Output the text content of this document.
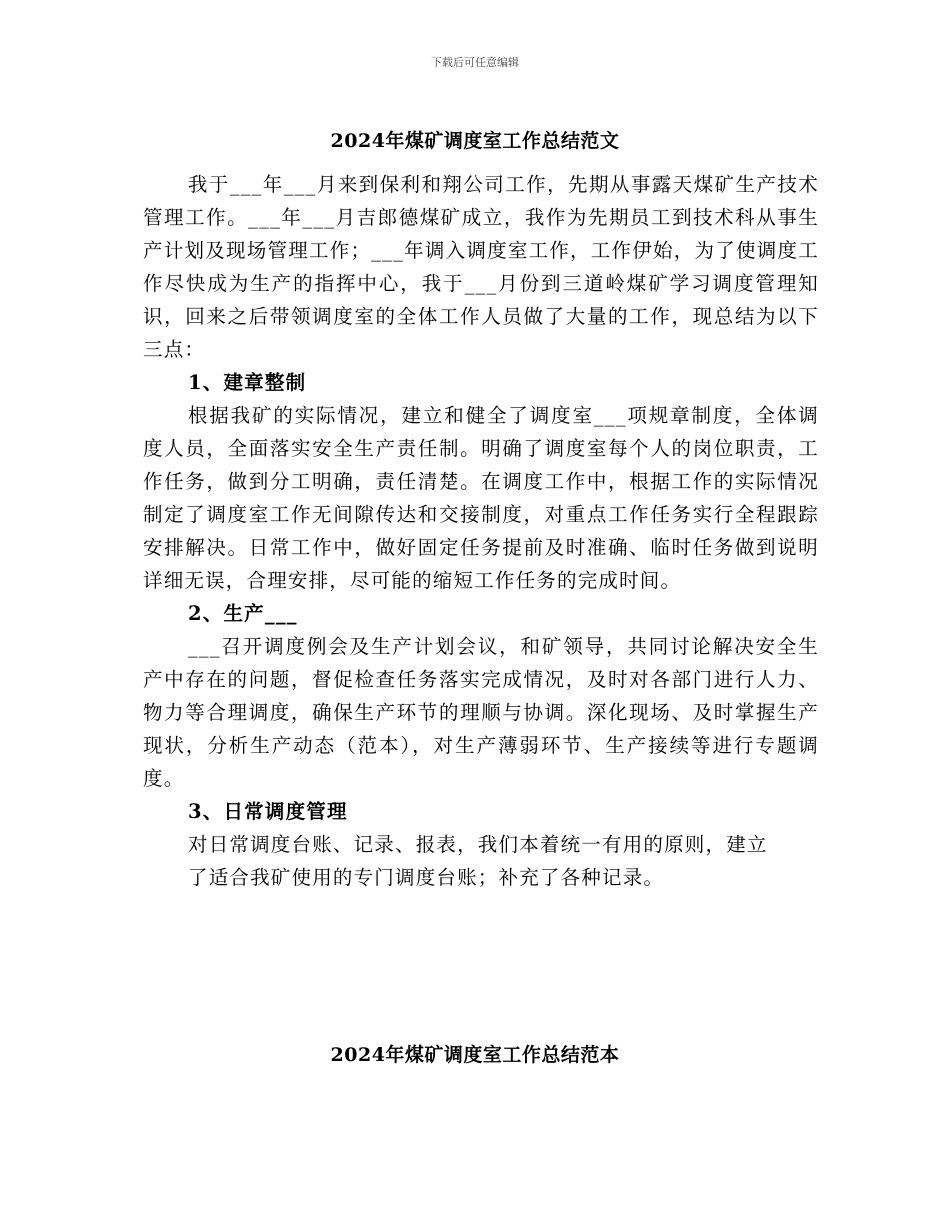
下载后可任意编辑
2024年煤矿调度室工作总结范文

我于___年___月来到保利和翔公司工作，先期从事露天煤矿生产技术管理工作。___年___月吉郎德煤矿成立，我作为先期员工到技术科从事生产计划及现场管理工作；___年调入调度室工作，工作伊始，为了使调度工作尽快成为生产的指挥中心，我于___月份到三道岭煤矿学习调度管理知识，回来之后带领调度室的全体工作人员做了大量的工作，现总结为以下三点：

1、建章整制

根据我矿的实际情况，建立和健全了调度室___项规章制度，全体调度人员，全面落实安全生产责任制。明确了调度室每个人的岗位职责，工作任务，做到分工明确，责任清楚。在调度工作中，根据工作的实际情况制定了调度室工作无间隙传达和交接制度，对重点工作任务实行全程跟踪安排解决。日常工作中，做好固定任务提前及时准确、临时任务做到说明详细无误，合理安排，尽可能的缩短工作任务的完成时间。

2、生产___

___召开调度例会及生产计划会议，和矿领导，共同讨论解决安全生产中存在的问题，督促检查任务落实完成情况，及时对各部门进行人力、物力等合理调度，确保生产环节的理顺与协调。深化现场、及时掌握生产现状，分析生产动态（范本），对生产薄弱环节、生产接续等进行专题调度。

3、日常调度管理

对日常调度台账、记录、报表，我们本着统一有用的原则，建立

了适合我矿使用的专门调度台账；补充了各种记录。

2024年煤矿调度室工作总结范本
